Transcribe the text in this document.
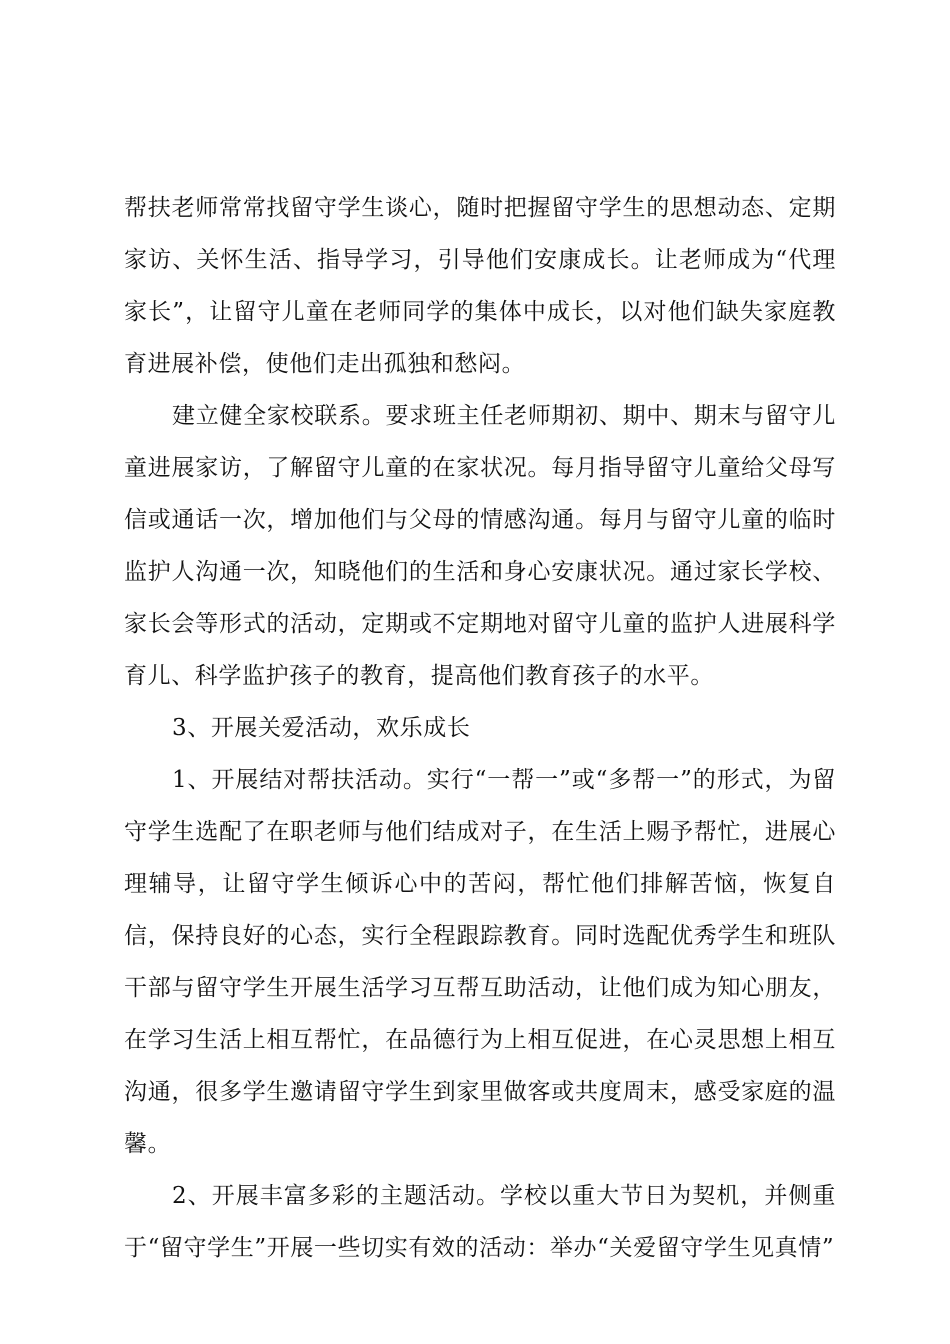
帮扶老师常常找留守学生谈心，随时把握留守学生的思想动态、定期家访、关怀生活、指导学习，引导他们安康成长。让老师成为“代理家长”，让留守儿童在老师同学的集体中成长，以对他们缺失家庭教育进展补偿，使他们走出孤独和愁闷。

建立健全家校联系。要求班主任老师期初、期中、期末与留守儿童进展家访，了解留守儿童的在家状况。每月指导留守儿童给父母写信或通话一次，增加他们与父母的情感沟通。每月与留守儿童的临时监护人沟通一次，知晓他们的生活和身心安康状况。通过家长学校、家长会等形式的活动，定期或不定期地对留守儿童的监护人进展科学育儿、科学监护孩子的教育，提高他们教育孩子的水平。

3、开展关爱活动，欢乐成长

1、开展结对帮扶活动。实行“一帮一”或“多帮一”的形式，为留守学生选配了在职老师与他们结成对子，在生活上赐予帮忙，进展心理辅导，让留守学生倾诉心中的苦闷，帮忙他们排解苦恼，恢复自信，保持良好的心态，实行全程跟踪教育。同时选配优秀学生和班队干部与留守学生开展生活学习互帮互助活动，让他们成为知心朋友，在学习生活上相互帮忙，在品德行为上相互促进，在心灵思想上相互沟通，很多学生邀请留守学生到家里做客或共度周末，感受家庭的温馨。

2、开展丰富多彩的主题活动。学校以重大节日为契机，并侧重于“留守学生”开展一些切实有效的活动：举办“关爱留守学生见真情”
